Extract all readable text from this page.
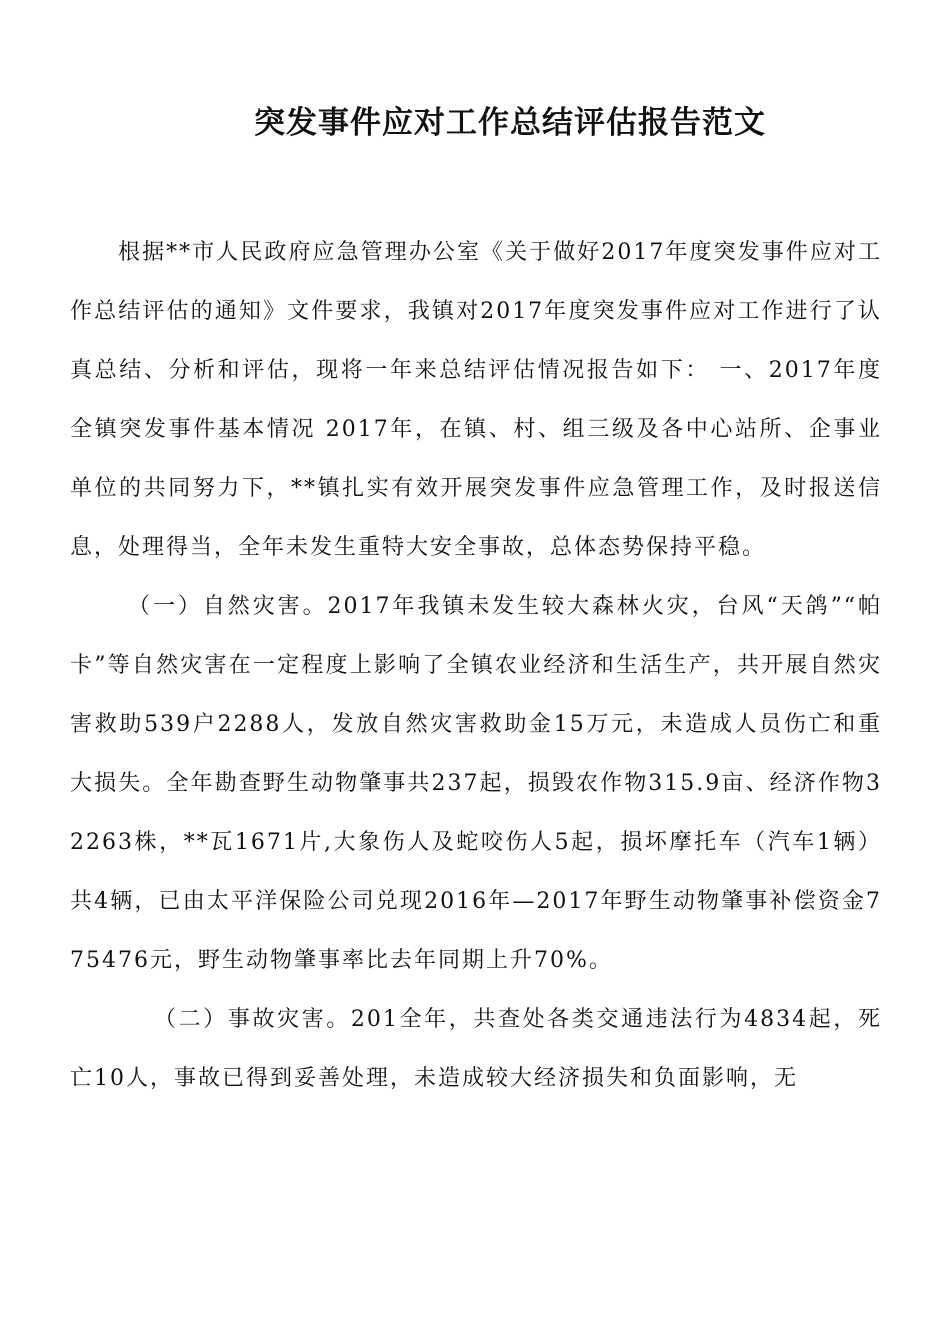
突发事件应对工作总结评估报告范文

根据**市人民政府应急管理办公室《关于做好2017年度突发事件应对工作总结评估的通知》文件要求，我镇对2017年度突发事件应对工作进行了认真总结、分析和评估，现将一年来总结评估情况报告如下： 一、2017年度全镇突发事件基本情况 2017年，在镇、村、组三级及各中心站所、企事业单位的共同努力下，**镇扎实有效开展突发事件应急管理工作，及时报送信息，处理得当，全年未发生重特大安全事故，总体态势保持平稳。

（一）自然灾害。2017年我镇未发生较大森林火灾，台风“天鸽”“帕卡”等自然灾害在一定程度上影响了全镇农业经济和生活生产，共开展自然灾害救助539户2288人，发放自然灾害救助金15万元，未造成人员伤亡和重大损失。全年勘查野生动物肇事共237起，损毁农作物315.9亩、经济作物32263株，**瓦1671片,大象伤人及蛇咬伤人5起，损坏摩托车（汽车1辆）共4辆，已由太平洋保险公司兑现2016年—2017年野生动物肇事补偿资金775476元，野生动物肇事率比去年同期上升70%。

（二）事故灾害。201全年，共查处各类交通违法行为4834起，死亡10人，事故已得到妥善处理，未造成较大经济损失和负面影响，无
